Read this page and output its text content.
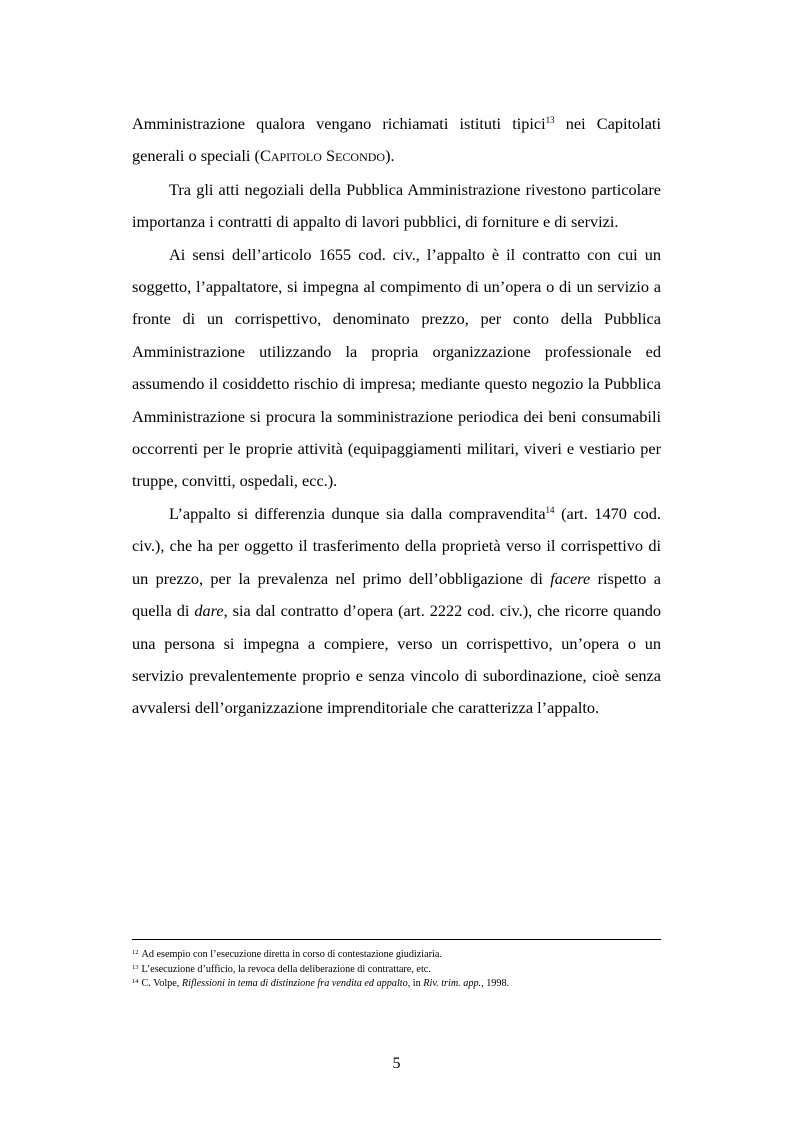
Amministrazione qualora vengano richiamati istituti tipici$^{13}$ nei Capitolati generali o speciali (CAPITOLO SECONDO).

Tra gli atti negoziali della Pubblica Amministrazione rivestono particolare importanza i contratti di appalto di lavori pubblici, di forniture e di servizi.

Ai sensi dell’articolo 1655 cod. civ., l’appalto è il contratto con cui un soggetto, l’appaltatore, si impegna al compimento di un’opera o di un servizio a fronte di un corrispettivo, denominato prezzo, per conto della Pubblica Amministrazione utilizzando la propria organizzazione professionale ed assumendo il cosiddetto rischio di impresa; mediante questo negozio la Pubblica Amministrazione si procura la somministrazione periodica dei beni consumabili occorrenti per le proprie attività (equipaggiamenti militari, viveri e vestiario per truppe, convitti, ospedali, ecc.).

L’appalto si differenzia dunque sia dalla compravendita$^{14}$ (art. 1470 cod. civ.), che ha per oggetto il trasferimento della proprietà verso il corrispettivo di un prezzo, per la prevalenza nel primo dell’obbligazione di facere rispetto a quella di dare, sia dal contratto d’opera (art. 2222 cod. civ.), che ricorre quando una persona si impegna a compiere, verso un corrispettivo, un’opera o un servizio prevalentemente proprio e senza vincolo di subordinazione, cioè senza avvalersi dell’organizzazione imprenditoriale che caratterizza l’appalto.

$^{12}$ Ad esempio con l’esecuzione diretta in corso di contestazione giudiziaria.

$^{13}$ L’esecuzione d’ufficio, la revoca della deliberazione di contrattare, etc.

$^{14}$ C. Volpe, Riflessioni in tema di distinzione fra vendita ed appalto, in Riv. trim. app., 1998.

5
